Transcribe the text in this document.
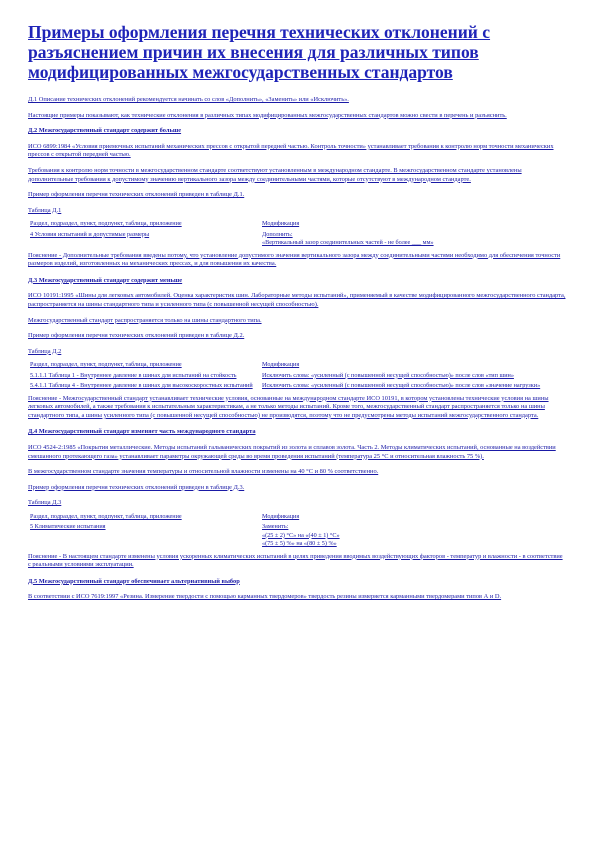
Примеры оформления перечня технических отклонений с разъяснением причин их внесения для различных типов модифицированных межгосударственных стандартов

Д.1 Описание технических отклонений рекомендуется начинать со слов «Дополнить», «Заменить» или «Исключить».

Настоящие примеры показывают, как технические отклонения в различных типах модифицированных межгосударственных стандартов можно свести в перечень и разъяснить.

Д.2 Межгосударственный стандарт содержит больше

ИСО 6899:1984 «Условия приемочных испытаний механических прессов с открытой передней частью. Контроль точности» устанавливает требования к контролю норм точности механических прессов с открытой передней частью.

Требования к контролю норм точности в межгосударственном стандарте соответствуют установленным в международном стандарте. В межгосударственном стандарте установлены дополнительные требования к допустимому значению вертикального зазора между соединительными частями, которые отсутствуют в международном стандарте.

Пример оформления перечня технических отклонений приведен в таблице Д.1.

Таблица Д.1

Раздел, подраздел, пункт, подпункт, таблица, приложение	Модификация
4 Условия испытаний и допустимые размеры	Дополнить:
«Вертикальный зазор соединительных частей - не более ___ мм»

Пояснение - Дополнительные требования введены потому, что установление допустимого значения вертикального зазора между соединительными частями необходимо для обеспечения точности размеров изделий, изготовленных на механических прессах, и для повышения их качества.

Д.3 Межгосударственный стандарт содержит меньше

ИСО 10191:1995 «Шины для легковых автомобилей. Оценка характеристик шин. Лабораторные методы испытаний», применяемый в качестве модифицированного межгосударственного стандарта, распространяется на шины стандартного типа и усиленного типа (с повышенной несущей способностью).

Межгосударственный стандарт распространяется только на шины стандартного типа.

Пример оформления перечня технических отклонений приведен в таблице Д.2.

Таблица Д.2

Раздел, подраздел, пункт, подпункт, таблица, приложение	Модификация
5.1.1.1 Таблица 1 - Внутреннее давление в шинах для испытаний на стойкость	Исключить слова: «усиленный (с повышенной несущей способностью)» после слов «тип шин»
5.4.1.1 Таблица 4 - Внутреннее давление в шинах для высокоскоростных испытаний	Исключить слова: «усиленный (с повышенной несущей способностью)» после слов «значение нагрузки»

Пояснение - Межгосударственный стандарт устанавливает технические условия, основанные на международном стандарте ИСО 10191, в котором установлены технические условия на шины легковых автомобилей, а также требования к испытательным характеристикам, а не только методы испытаний. Кроме того, межгосударственный стандарт распространяется только на шины стандартного типа, а шины усиленного типа (с повышенной несущей способностью) не производятся, поэтому что не предусмотрены методы испытаний межгосударственного стандарта.

Д.4 Межгосударственный стандарт изменяет часть международного стандарта

ИСО 4524-2:1985 «Покрытия металлические. Методы испытаний гальванических покрытий из золота и сплавов золота. Часть 2. Методы климатических испытаний, основанные на воздействии смешанного протекающего газа» устанавливает параметры окружающей среды во время проведения испытаний (температура 25 °С и относительная влажность 75 %).

В межгосударственном стандарте значения температуры и относительной влажности изменены на 40 °С и 80 % соответственно.

Пример оформления перечня технических отклонений приведен в таблице Д.3.

Таблица Д.3

Раздел, подраздел, пункт, подпункт, таблица, приложение	Модификация
5 Климатические испытания	Заменить:
«(25 ± 2) °С» на «(40 ± 1) °С»
«(75 ± 5) %» на «(80 ± 5) %»

Пояснение - В настоящем стандарте изменены условия ускоренных климатических испытаний в целях приведения вводимых воздействующих факторов - температур и влажности - в соответствие с реальными условиями эксплуатации.

Д.5 Межгосударственный стандарт обеспечивает альтернативный выбор

В соответствии с ИСО 7619:1997 «Резина. Измерение твердости с помощью карманных твердомеров» твердость резины измеряется карманными твердомерами типов А и D.
